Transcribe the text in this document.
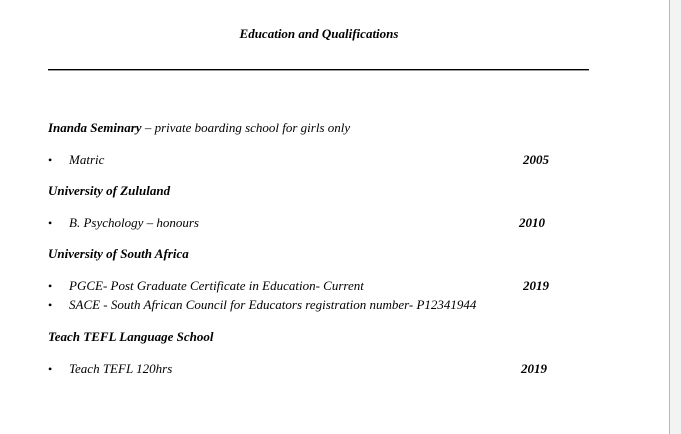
Education and Qualifications
Inanda Seminary – private boarding school for girls only
• Matric	2005
University of Zululand
• B. Psychology – honours	2010
University of South Africa
• PGCE- Post Graduate Certificate in Education- Current	2019
• SACE - South African Council for Educators registration number- P12341944
Teach TEFL Language School
• Teach TEFL 120hrs	2019
